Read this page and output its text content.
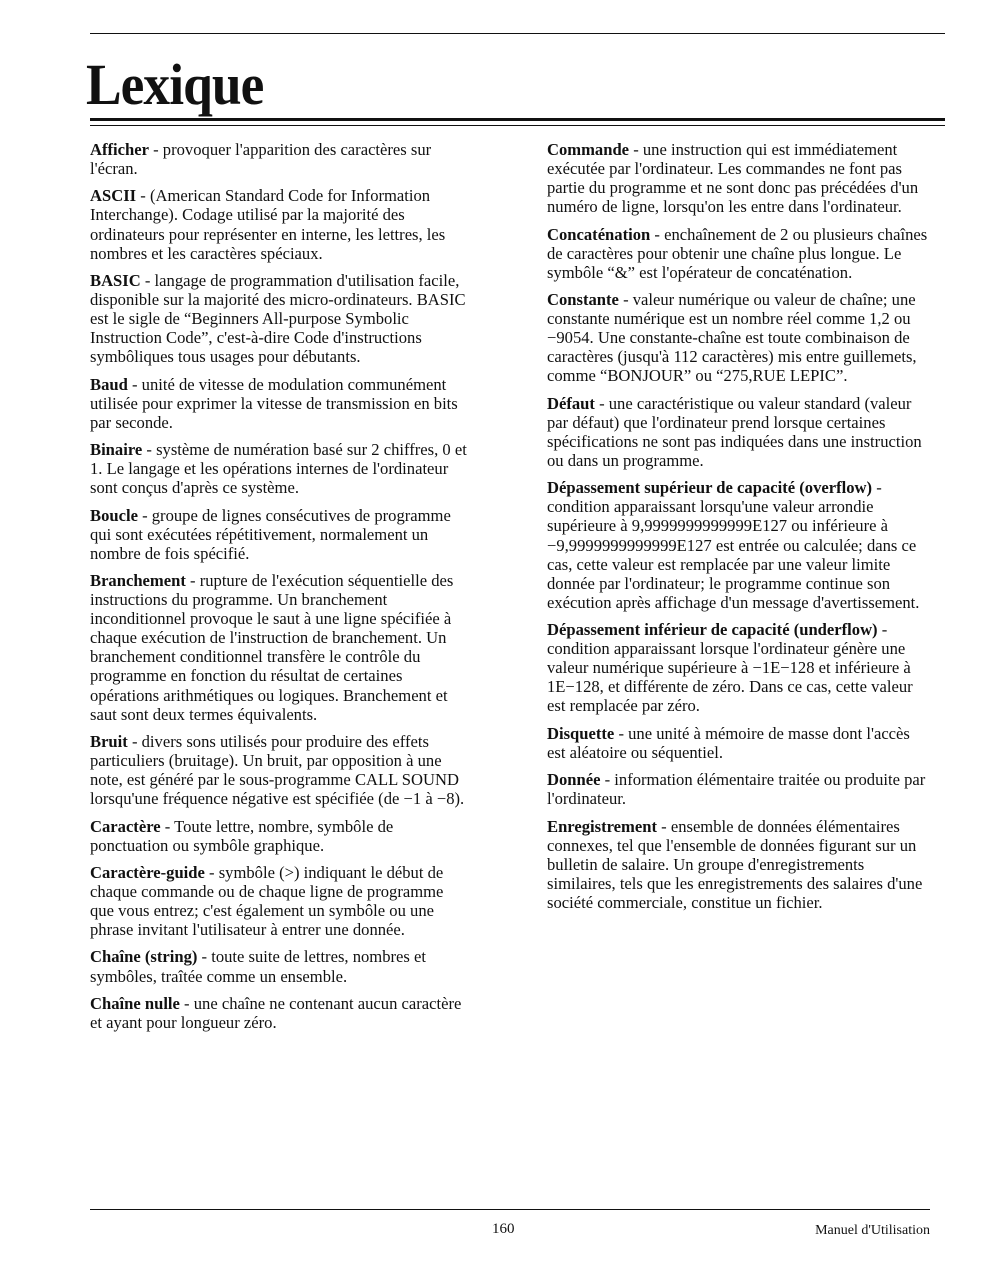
Lexique

Afficher - provoquer l'apparition des caractères sur l'écran.

ASCII - (American Standard Code for Information Interchange). Codage utilisé par la majorité des ordinateurs pour représenter en interne, les lettres, les nombres et les caractères spéciaux.

BASIC - langage de programmation d'utilisation facile, disponible sur la majorité des micro-ordinateurs. BASIC est le sigle de “Beginners All-purpose Symbolic Instruction Code”, c'est-à-dire Code d'instructions symbôliques tous usages pour débutants.

Baud - unité de vitesse de modulation communément utilisée pour exprimer la vitesse de transmission en bits par seconde.

Binaire - système de numération basé sur 2 chiffres, 0 et 1. Le langage et les opérations internes de l'ordinateur sont conçus d'après ce système.

Boucle - groupe de lignes consécutives de programme qui sont exécutées répétitivement, normalement un nombre de fois spécifié.

Branchement - rupture de l'exécution séquentielle des instructions du programme. Un branchement inconditionnel provoque le saut à une ligne spécifiée à chaque exécution de l'instruction de branchement. Un branchement conditionnel transfère le contrôle du programme en fonction du résultat de certaines opérations arithmétiques ou logiques. Branchement et saut sont deux termes équivalents.

Bruit - divers sons utilisés pour produire des effets particuliers (bruitage). Un bruit, par opposition à une note, est généré par le sous-programme CALL SOUND lorsqu'une fréquence négative est spécifiée (de −1 à −8).

Caractère - Toute lettre, nombre, symbôle de ponctuation ou symbôle graphique.

Caractère-guide - symbôle (>) indiquant le début de chaque commande ou de chaque ligne de programme que vous entrez; c'est également un symbôle ou une phrase invitant l'utilisateur à entrer une donnée.

Chaîne (string) - toute suite de lettres, nombres et symbôles, traîtée comme un ensemble.

Chaîne nulle - une chaîne ne contenant aucun caractère et ayant pour longueur zéro.

Commande - une instruction qui est immédiatement exécutée par l'ordinateur. Les commandes ne font pas partie du programme et ne sont donc pas précédées d'un numéro de ligne, lorsqu'on les entre dans l'ordinateur.

Concaténation - enchaînement de 2 ou plusieurs chaînes de caractères pour obtenir une chaîne plus longue. Le symbôle “&” est l'opérateur de concaténation.

Constante - valeur numérique ou valeur de chaîne; une constante numérique est un nombre réel comme 1,2 ou −9054. Une constante-chaîne est toute combinaison de caractères (jusqu'à 112 caractères) mis entre guillemets, comme “BONJOUR” ou “275,RUE LEPIC”.

Défaut - une caractéristique ou valeur standard (valeur par défaut) que l'ordinateur prend lorsque certaines spécifications ne sont pas indiquées dans une instruction ou dans un programme.

Dépassement supérieur de capacité (overflow) - condition apparaissant lorsqu'une valeur arrondie supérieure à 9,9999999999999E127 ou inférieure à −9,9999999999999E127 est entrée ou calculée; dans ce cas, cette valeur est remplacée par une valeur limite donnée par l'ordinateur; le programme continue son exécution après affichage d'un message d'avertissement.

Dépassement inférieur de capacité (underflow) - condition apparaissant lorsque l'ordinateur génère une valeur numérique supérieure à −1E−128 et inférieure à 1E−128, et différente de zéro. Dans ce cas, cette valeur est remplacée par zéro.

Disquette - une unité à mémoire de masse dont l'accès est aléatoire ou séquentiel.

Donnée - information élémentaire traitée ou produite par l'ordinateur.

Enregistrement - ensemble de données élémentaires connexes, tel que l'ensemble de données figurant sur un bulletin de salaire. Un groupe d'enregistrements similaires, tels que les enregistrements des salaires d'une société commerciale, constitue un fichier.

160	Manuel d'Utilisation
